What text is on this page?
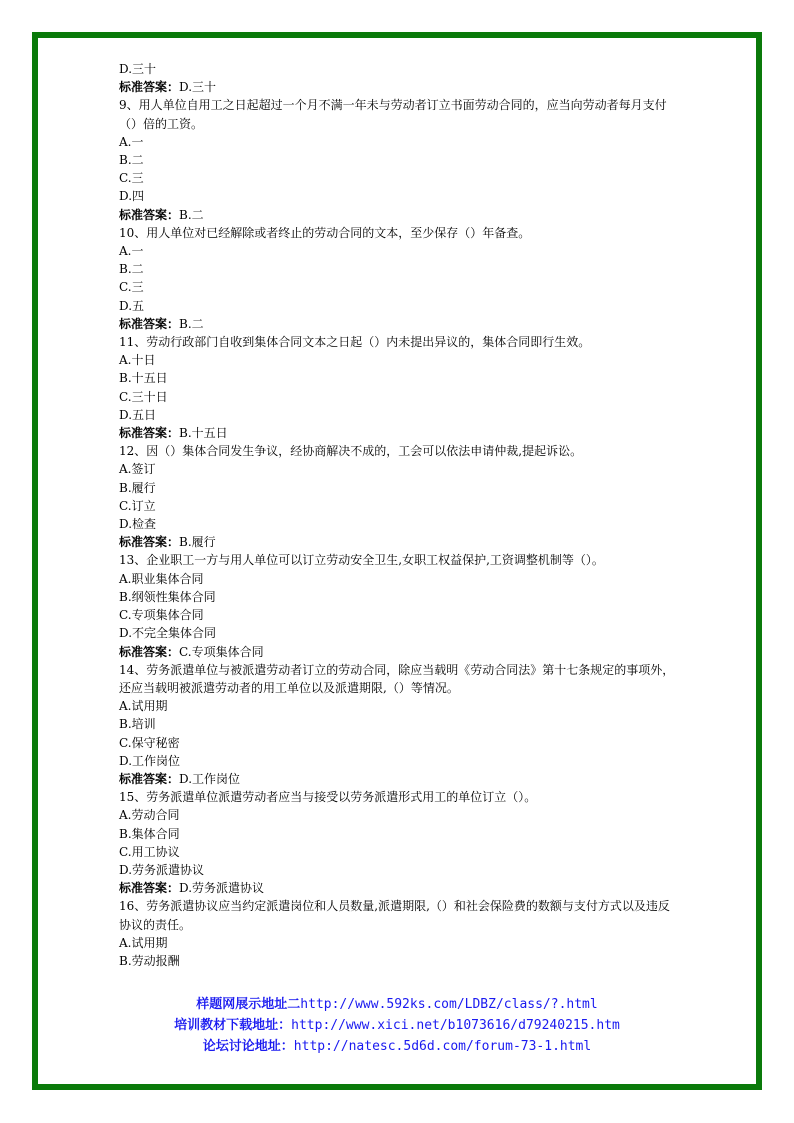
D.三十

标准答案：D.三十

9、用人单位自用工之日起超过一个月不满一年未与劳动者订立书面劳动合同的，应当向劳动者每月支付（）倍的工资。

A.一

B.二

C.三

D.四

标准答案：B.二

10、用人单位对已经解除或者终止的劳动合同的文本，至少保存（）年备查。

A.一

B.二

C.三

D.五

标准答案：B.二

11、劳动行政部门自收到集体合同文本之日起（）内未提出异议的，集体合同即行生效。

A.十日

B.十五日

C.三十日

D.五日

标准答案：B.十五日

12、因（）集体合同发生争议，经协商解决不成的，工会可以依法申请仲裁,提起诉讼。

A.签订

B.履行

C.订立

D.检查

标准答案：B.履行

13、企业职工一方与用人单位可以订立劳动安全卫生,女职工权益保护,工资调整机制等（）。

A.职业集体合同

B.纲领性集体合同

C.专项集体合同

D.不完全集体合同

标准答案：C.专项集体合同

14、劳务派遣单位与被派遣劳动者订立的劳动合同，除应当载明《劳动合同法》第十七条规定的事项外，还应当载明被派遣劳动者的用工单位以及派遣期限,（）等情况。

A.试用期

B.培训

C.保守秘密

D.工作岗位

标准答案：D.工作岗位

15、劳务派遣单位派遣劳动者应当与接受以劳务派遣形式用工的单位订立（）。

A.劳动合同

B.集体合同

C.用工协议

D.劳务派遣协议

标准答案：D.劳务派遣协议

16、劳务派遣协议应当约定派遣岗位和人员数量,派遣期限,（）和社会保险费的数额与支付方式以及违反协议的责任。

A.试用期

B.劳动报酬

样题网展示地址二http://www.592ks.com/LDBZ/class/?.html
培训教材下载地址：http://www.xici.net/b1073616/d79240215.htm
论坛讨论地址：http://natesc.5d6d.com/forum-73-1.html
